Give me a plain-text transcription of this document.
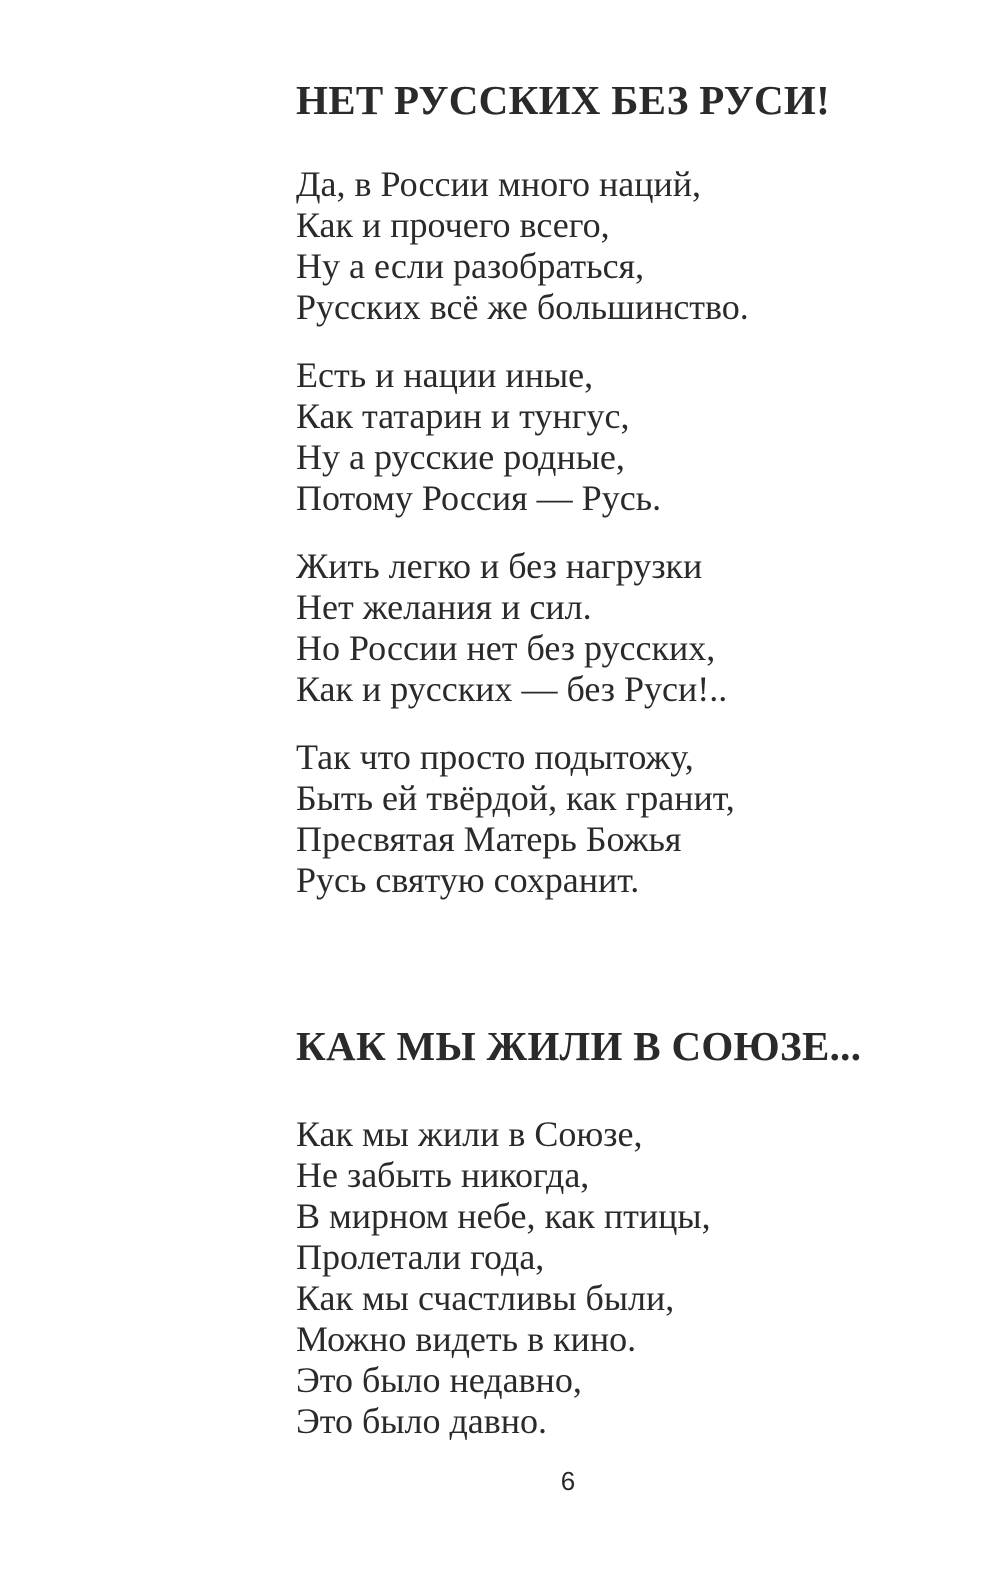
НЕТ РУССКИХ БЕЗ РУСИ!
Да, в России много наций,
Как и прочего всего,
Ну а если разобраться,
Русских всё же большинство.
Есть и нации иные,
Как татарин и тунгус,
Ну а русские родные,
Потому Россия — Русь.
Жить легко и без нагрузки
Нет желания и сил.
Но России нет без русских,
Как и русских — без Руси!..
Так что просто подытожу,
Быть ей твёрдой, как гранит,
Пресвятая Матерь Божья
Русь святую сохранит.
КАК МЫ ЖИЛИ В СОЮЗЕ...
Как мы жили в Союзе,
Не забыть никогда,
В мирном небе, как птицы,
Пролетали года,
Как мы счастливы были,
Можно видеть в кино.
Это было недавно,
Это было давно.
6
